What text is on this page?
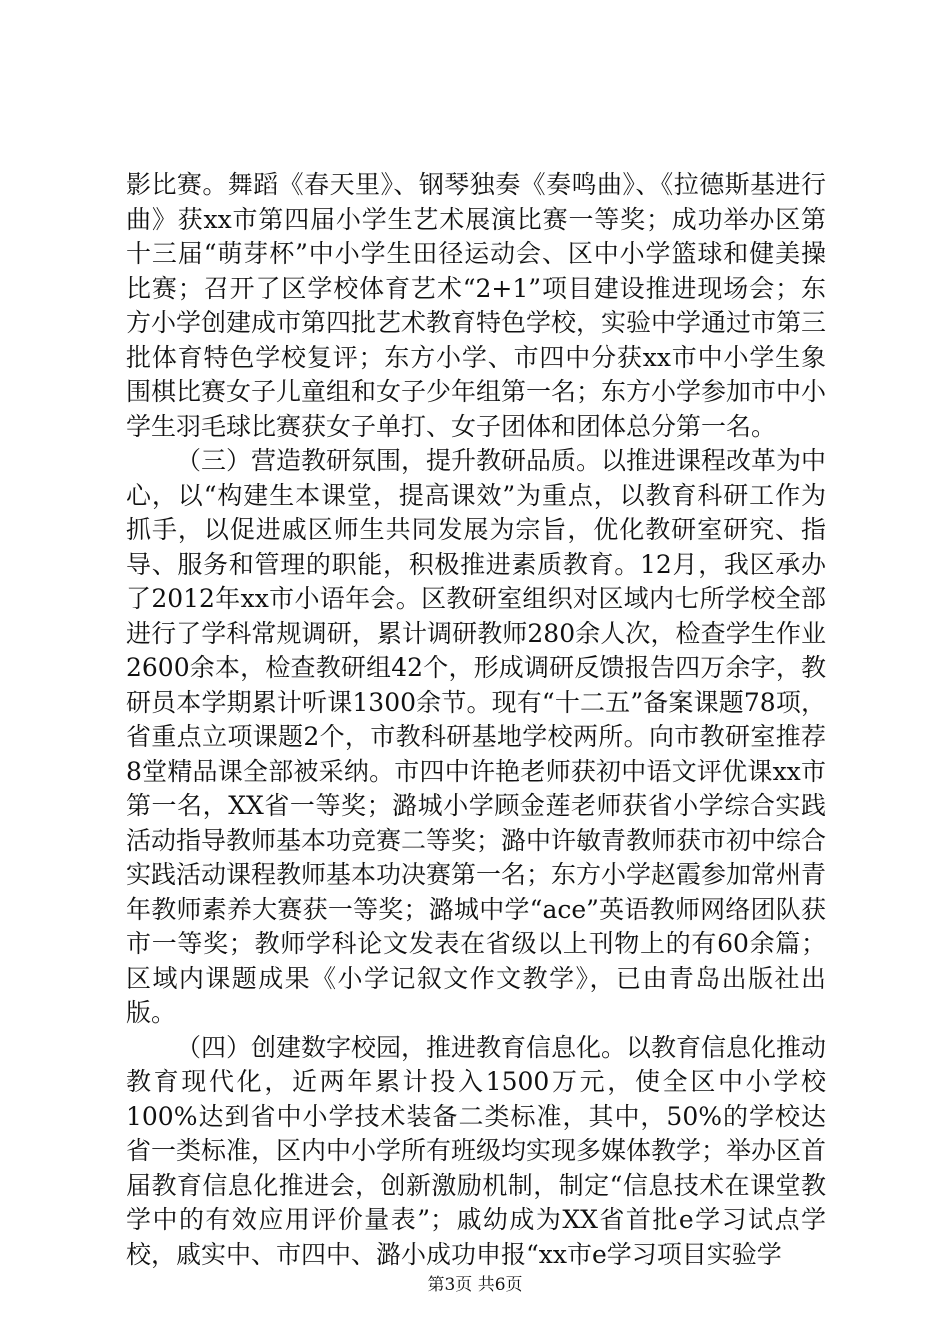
影比赛。舞蹈《春天里》、钢琴独奏《奏鸣曲》、《拉德斯基进行曲》获xx市第四届小学生艺术展演比赛一等奖；成功举办区第十三届“萌芽杯”中小学生田径运动会、区中小学篮球和健美操比赛；召开了区学校体育艺术“2+1”项目建设推进现场会；东方小学创建成市第四批艺术教育特色学校，实验中学通过市第三批体育特色学校复评；东方小学、市四中分获xx市中小学生象围棋比赛女子儿童组和女子少年组第一名；东方小学参加市中小学生羽毛球比赛获女子单打、女子团体和团体总分第一名。

（三）营造教研氛围，提升教研品质。以推进课程改革为中心，以“构建生本课堂，提高课效”为重点，以教育科研工作为抓手，以促进戚区师生共同发展为宗旨，优化教研室研究、指导、服务和管理的职能，积极推进素质教育。12月，我区承办了2012年xx市小语年会。区教研室组织对区域内七所学校全部进行了学科常规调研，累计调研教师280余人次，检查学生作业2600余本，检查教研组42个，形成调研反馈报告四万余字，教研员本学期累计听课1300余节。现有“十二五”备案课题78项，省重点立项课题2个，市教科研基地学校两所。向市教研室推荐8堂精品课全部被采纳。市四中许艳老师获初中语文评优课xx市第一名，XX省一等奖；潞城小学顾金莲老师获省小学综合实践活动指导教师基本功竞赛二等奖；潞中许敏青教师获市初中综合实践活动课程教师基本功决赛第一名；东方小学赵霞参加常州青年教师素养大赛获一等奖；潞城中学“ace”英语教师网络团队获市一等奖；教师学科论文发表在省级以上刊物上的有60余篇；区域内课题成果《小学记叙文作文教学》，已由青岛出版社出版。

（四）创建数字校园，推进教育信息化。以教育信息化推动教育现代化，近两年累计投入1500万元，使全区中小学校100%达到省中小学技术装备二类标准，其中，50%的学校达省一类标准，区内中小学所有班级均实现多媒体教学；举办区首届教育信息化推进会，创新激励机制，制定“信息技术在课堂教学中的有效应用评价量表”；戚幼成为XX省首批e学习试点学校，戚实中、市四中、潞小成功申报“xx市e学习项目实验学

第3页 共6页
